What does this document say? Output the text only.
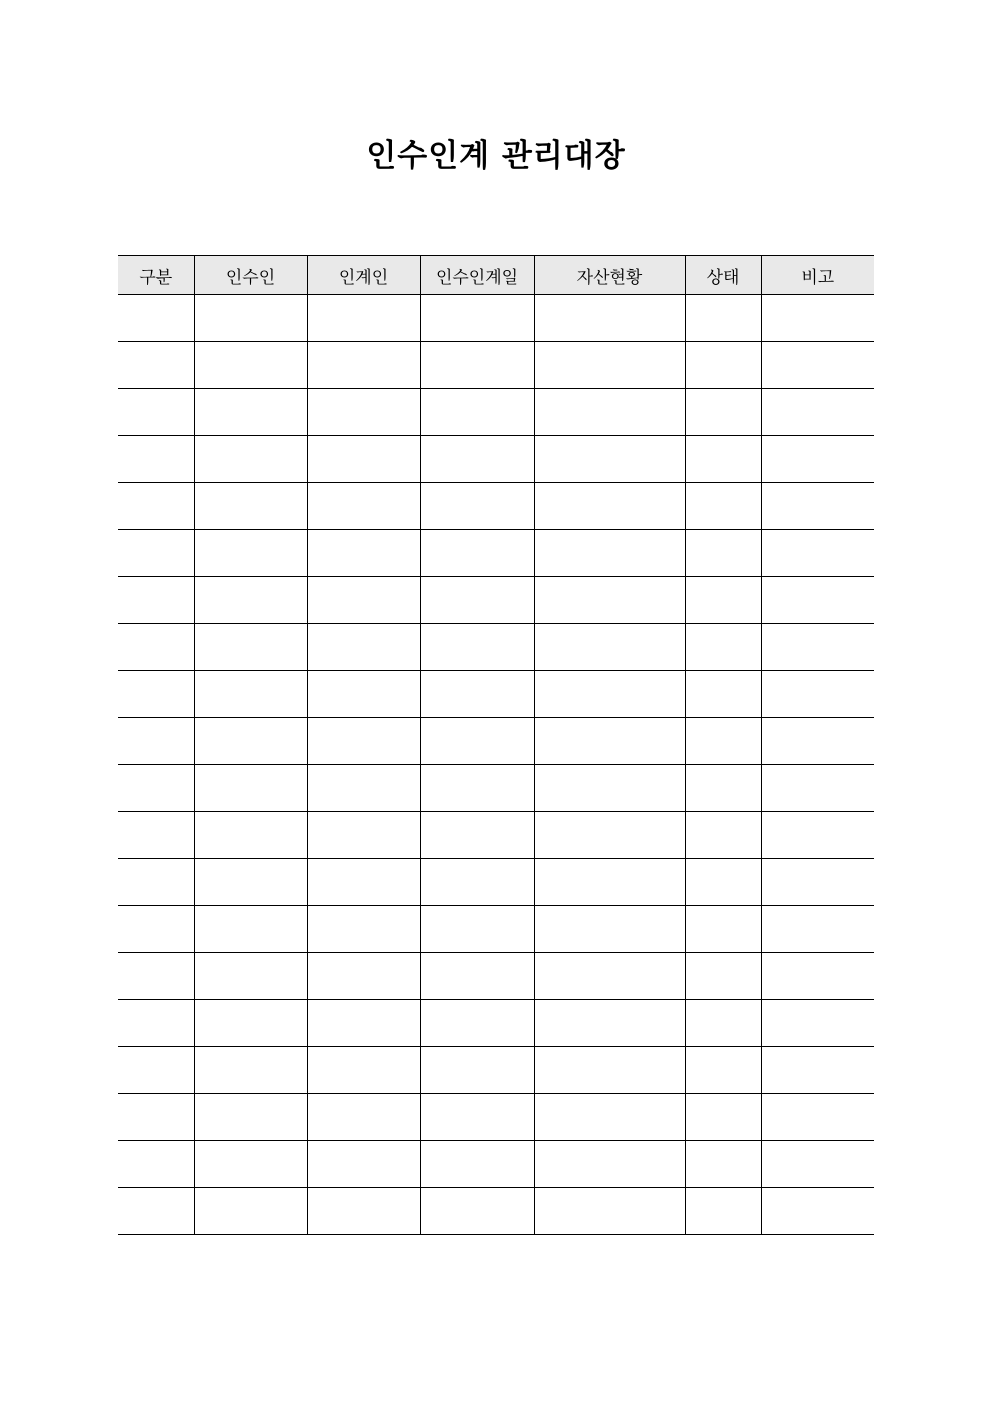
인수인계 관리대장
구분	인수인	인계인	인수인계일	자산현황	상태	비고
